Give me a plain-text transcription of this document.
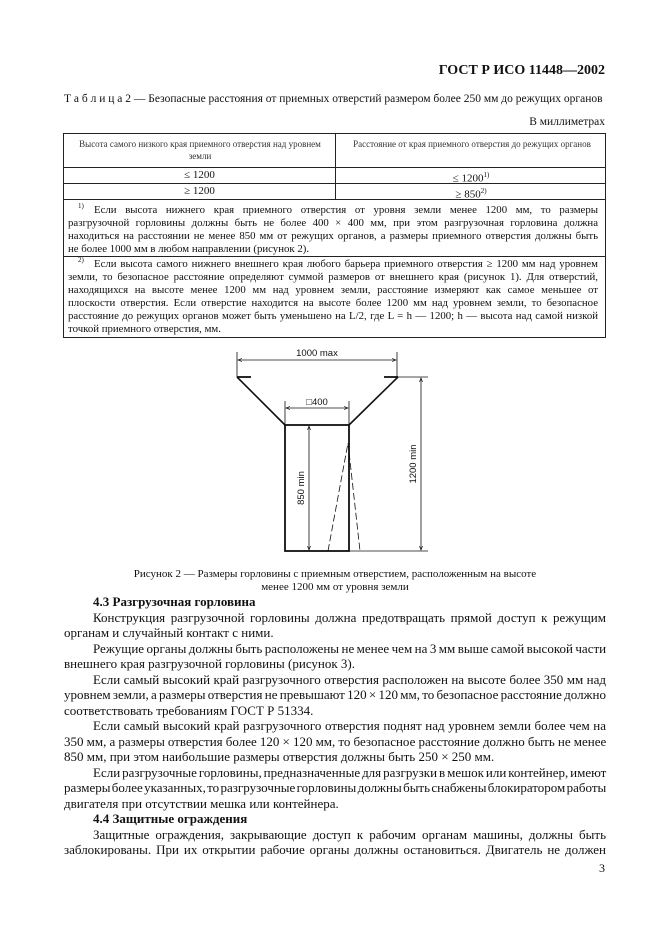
ГОСТ Р ИСО 11448—2002
Т а б л и ц а 2 — Безопасные расстояния от приемных отверстий размером более 250 мм до режущих органов
В миллиметрах
Высота самого низкого края приемного отверстия над уровнем земли
Расстояние от края приемного отверстия до режущих органов
≤ 1200	≤ $1200^{1)}$
≥ 1200	≥ $850^{2)}$
1) Если высота нижнего края приемного отверстия от уровня земли менее 1200 мм, то размеры
разгрузочной горловины должны быть не более 400 × 400 мм, при этом разгрузочная горловина должна
находиться на расстоянии не менее 850 мм от режущих органов, а размеры приемного отверстия должны быть
не более 1000 мм в любом направлении (рисунок 2).
2) Если высота самого нижнего внешнего края любого барьера приемного отверстия ≥ 1200 мм над уровнем
земли, то безопасное расстояние определяют суммой размеров от внешнего края (рисунок 1). Для отверстий,
находящихся на высоте менее 1200 мм над уровнем земли, расстояние измеряют как самое меньшее от
плоскости отверстия. Если отверстие находится на высоте более 1200 мм над уровнем земли, то безопасное
расстояние до режущих органов может быть уменьшено на L/2, где L = h — 1200; h — высота над самой низкой
точкой приемного отверстия, мм.
1000 max
□400
850 min
1200 min
Рисунок 2 — Размеры горловины с приемным отверстием, расположенным на высоте
менее 1200 мм от уровня земли
4.3 Разгрузочная горловина
Конструкция разгрузочной горловины должна предотвращать прямой доступ к режущим
органам и случайный контакт с ними.
Режущие органы должны быть расположены не менее чем на 3 мм выше самой высокой части
внешнего края разгрузочной горловины (рисунок 3).
Если самый высокий край разгрузочного отверстия расположен на высоте более 350 мм над
уровнем земли, а размеры отверстия не превышают 120 × 120 мм, то безопасное расстояние должно
соответствовать требованиям ГОСТ Р 51334.
Если самый высокий край разгрузочного отверстия поднят над уровнем земли более чем на
350 мм, а размеры отверстия более 120 × 120 мм, то безопасное расстояние должно быть не менее
850 мм, при этом наибольшие размеры отверстия должны быть 250 × 250 мм.
Если разгрузочные горловины, предназначенные для разгрузки в мешок или контейнер, имеют
размеры более указанных, то разгрузочные горловины должны быть снабжены блокиратором работы
двигателя при отсутствии мешка или контейнера.
4.4 Защитные ограждения
Защитные ограждения, закрывающие доступ к рабочим органам машины, должны быть
заблокированы. При их открытии рабочие органы должны остановиться. Двигатель не должен
3
